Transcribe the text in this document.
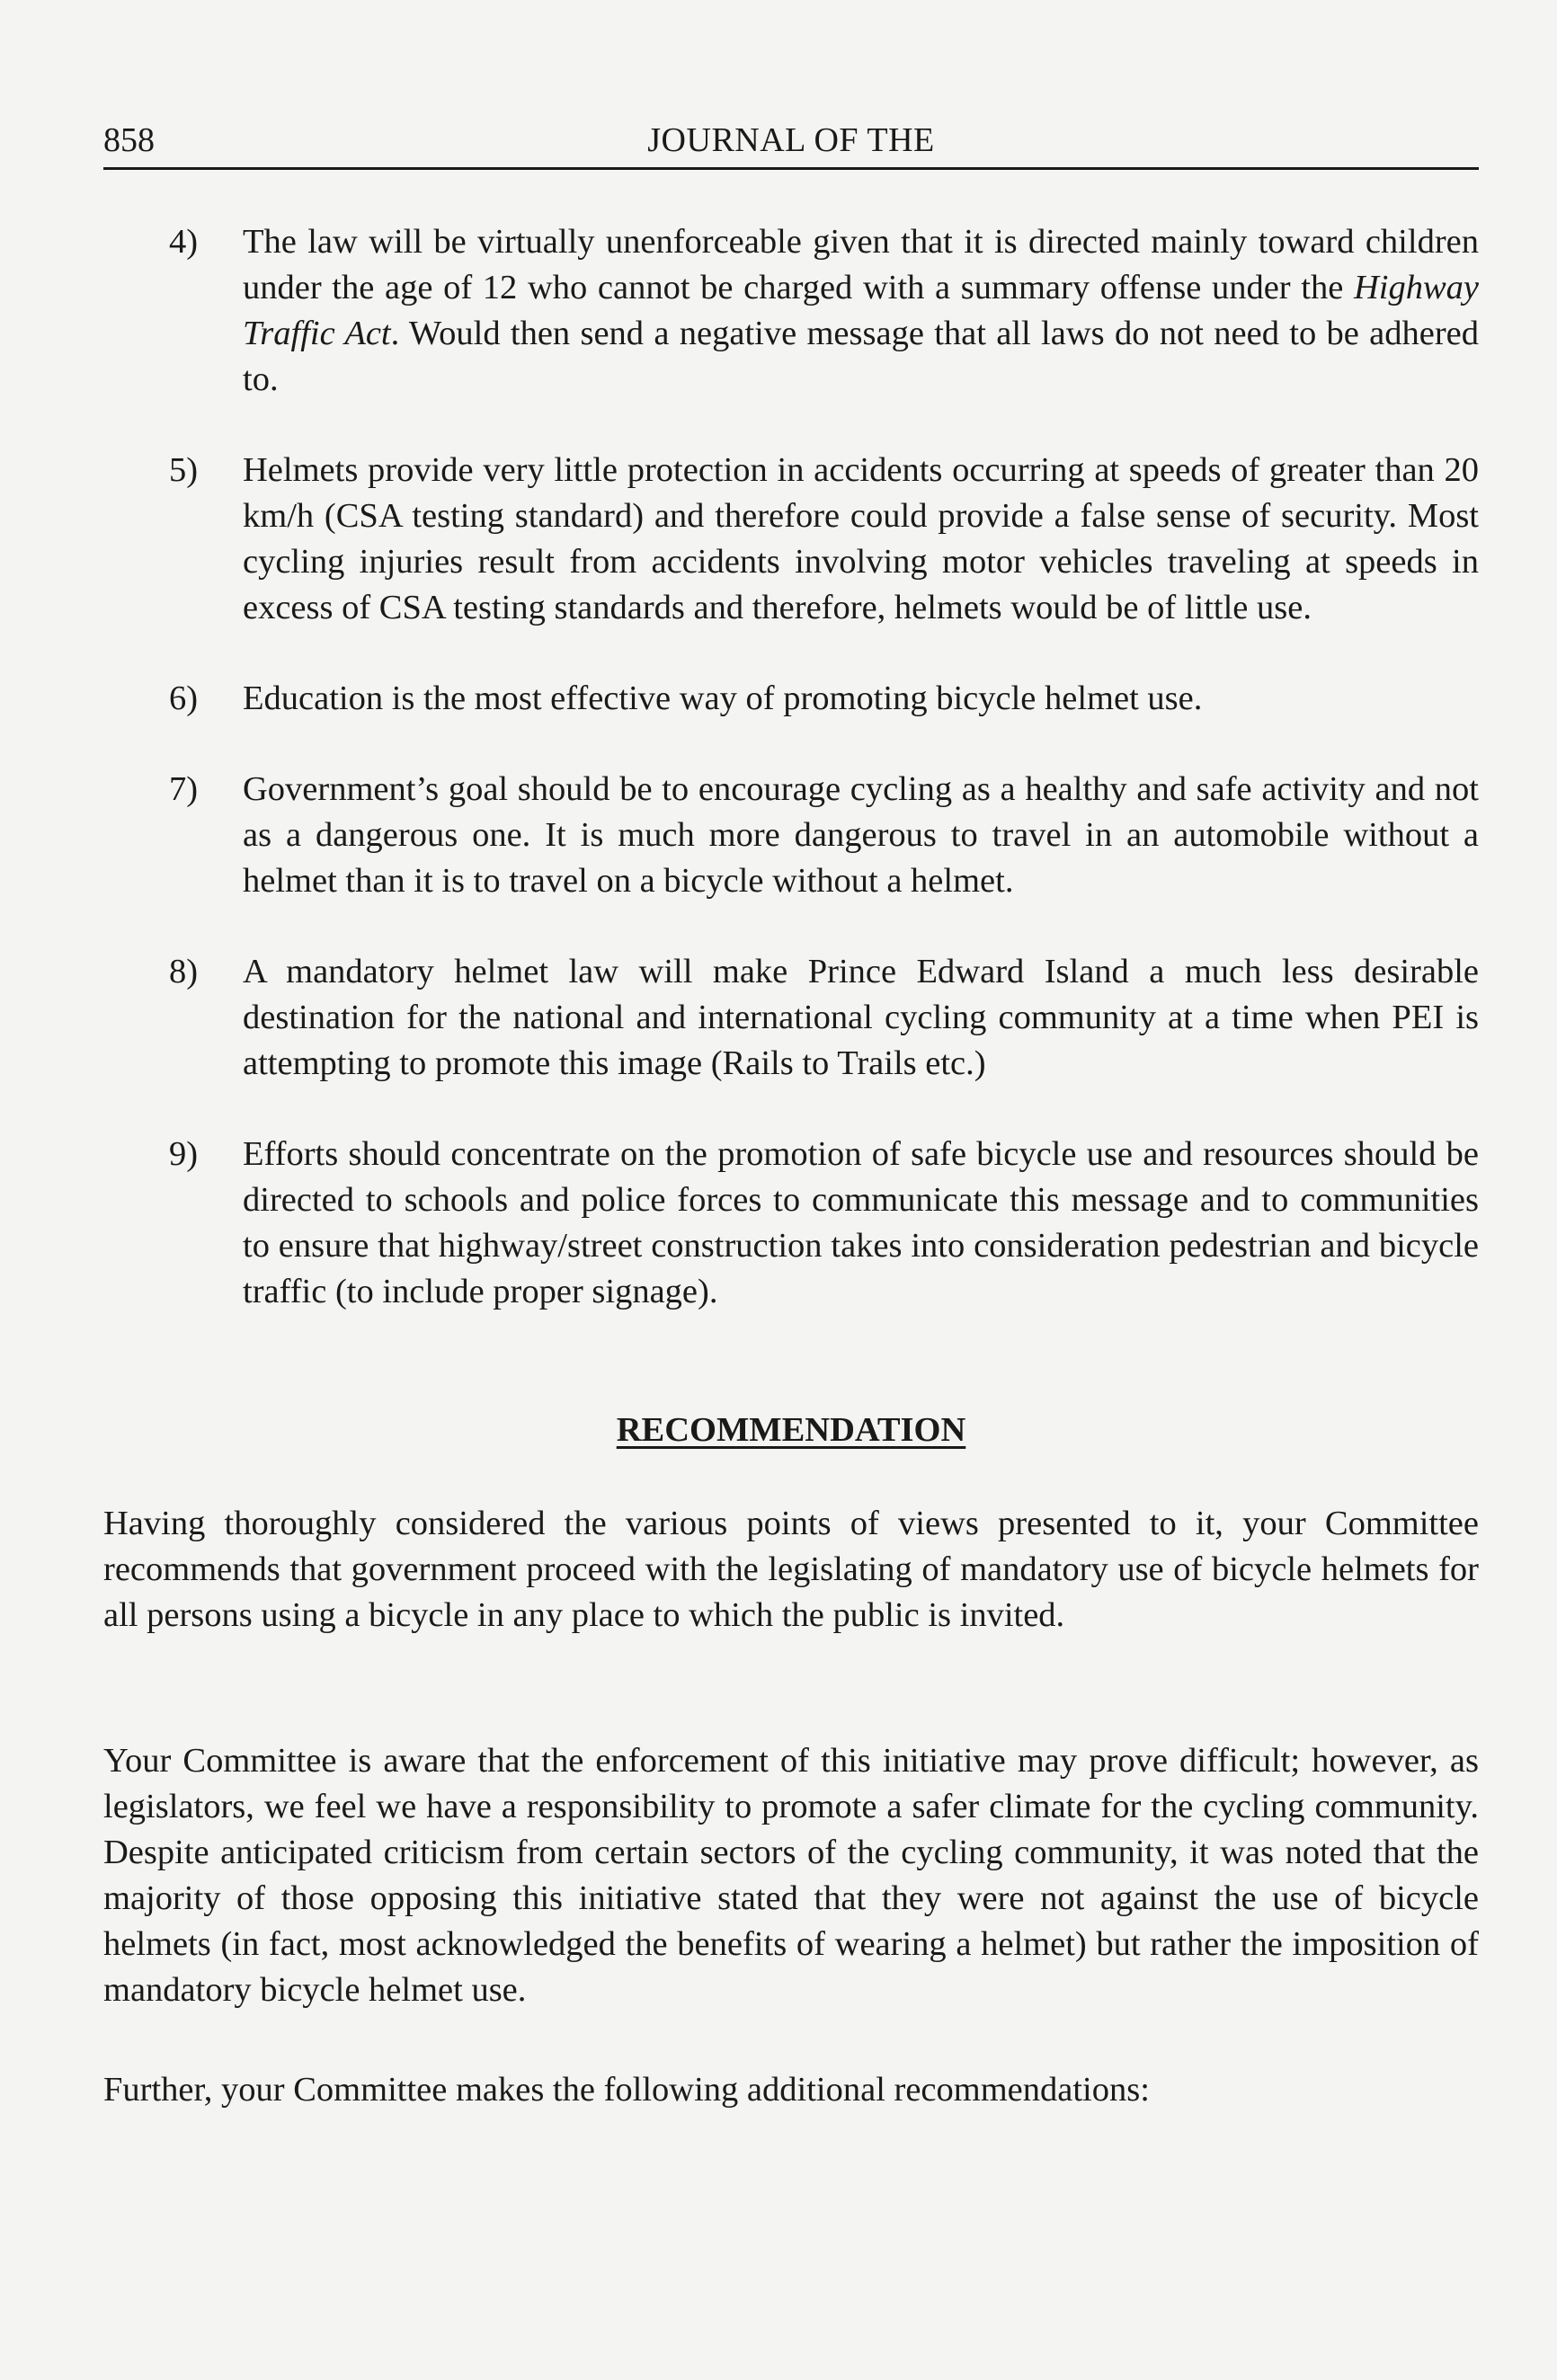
858	JOURNAL OF THE
4) The law will be virtually unenforceable given that it is directed mainly toward children under the age of 12 who cannot be charged with a summary offense under the Highway Traffic Act. Would then send a negative message that all laws do not need to be adhered to.
5) Helmets provide very little protection in accidents occurring at speeds of greater than 20 km/h (CSA testing standard) and therefore could provide a false sense of security. Most cycling injuries result from accidents involving motor vehicles traveling at speeds in excess of CSA testing standards and therefore, helmets would be of little use.
6) Education is the most effective way of promoting bicycle helmet use.
7) Government’s goal should be to encourage cycling as a healthy and safe activity and not as a dangerous one. It is much more dangerous to travel in an automobile without a helmet than it is to travel on a bicycle without a helmet.
8) A mandatory helmet law will make Prince Edward Island a much less desirable destination for the national and international cycling community at a time when PEI is attempting to promote this image (Rails to Trails etc.)
9) Efforts should concentrate on the promotion of safe bicycle use and resources should be directed to schools and police forces to communicate this message and to communities to ensure that highway/street construction takes into consideration pedestrian and bicycle traffic (to include proper signage).
RECOMMENDATION
Having thoroughly considered the various points of views presented to it, your Committee recommends that government proceed with the legislating of mandatory use of bicycle helmets for all persons using a bicycle in any place to which the public is invited.
Your Committee is aware that the enforcement of this initiative may prove difficult; however, as legislators, we feel we have a responsibility to promote a safer climate for the cycling community. Despite anticipated criticism from certain sectors of the cycling community, it was noted that the majority of those opposing this initiative stated that they were not against the use of bicycle helmets (in fact, most acknowledged the benefits of wearing a helmet) but rather the imposition of mandatory bicycle helmet use.
Further, your Committee makes the following additional recommendations:
